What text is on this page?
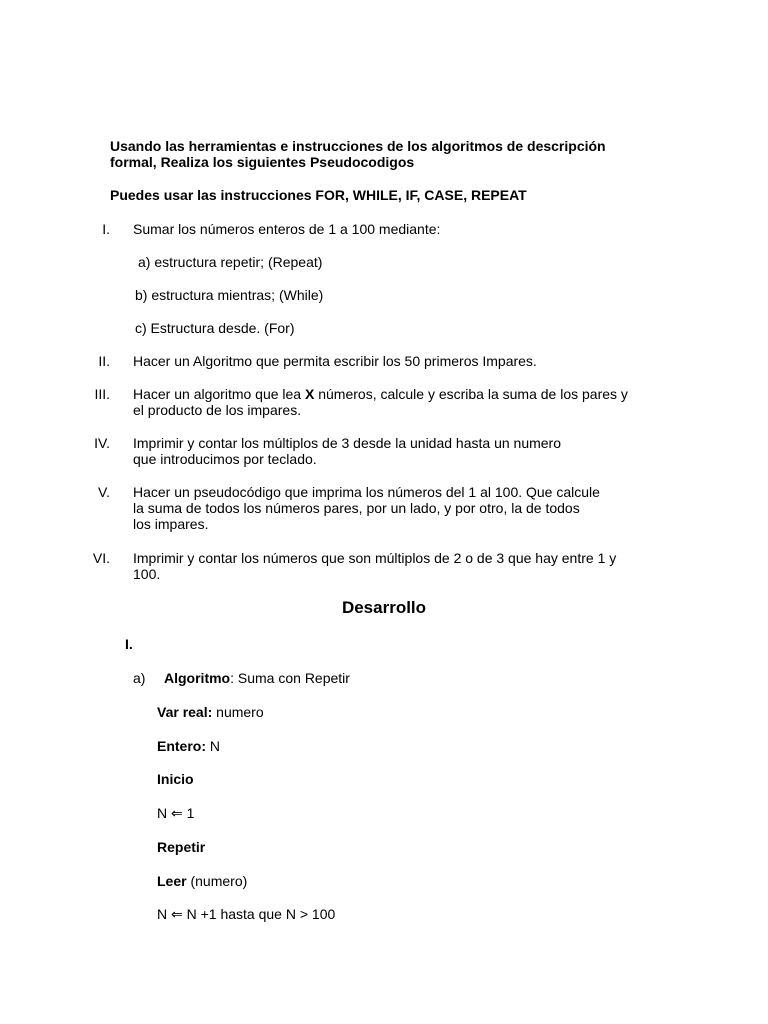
Usando las herramientas e instrucciones de los algoritmos de descripción
formal, Realiza los siguientes Pseudocodigos
Puedes usar las instrucciones FOR, WHILE, IF, CASE, REPEAT
I. Sumar los números enteros de 1 a 100 mediante:
a) estructura repetir; (Repeat)
b) estructura mientras; (While)
c) Estructura desde. (For)
II. Hacer un Algoritmo que permita escribir los 50 primeros Impares.
III. Hacer un algoritmo que lea X números, calcule y escriba la suma de los pares y
el producto de los impares.
IV. Imprimir y contar los múltiplos de 3 desde la unidad hasta un numero
que introducimos por teclado.
V. Hacer un pseudocódigo que imprima los números del 1 al 100. Que calcule
la suma de todos los números pares, por un lado, y por otro, la de todos
los impares.
VI. Imprimir y contar los números que son múltiplos de 2 o de 3 que hay entre 1 y
100.
Desarrollo
I.
a) Algoritmo: Suma con Repetir
Var real: numero
Entero: N
Inicio
N ⇐ 1
Repetir
Leer (numero)
N ⇐ N +1 hasta que N > 100
